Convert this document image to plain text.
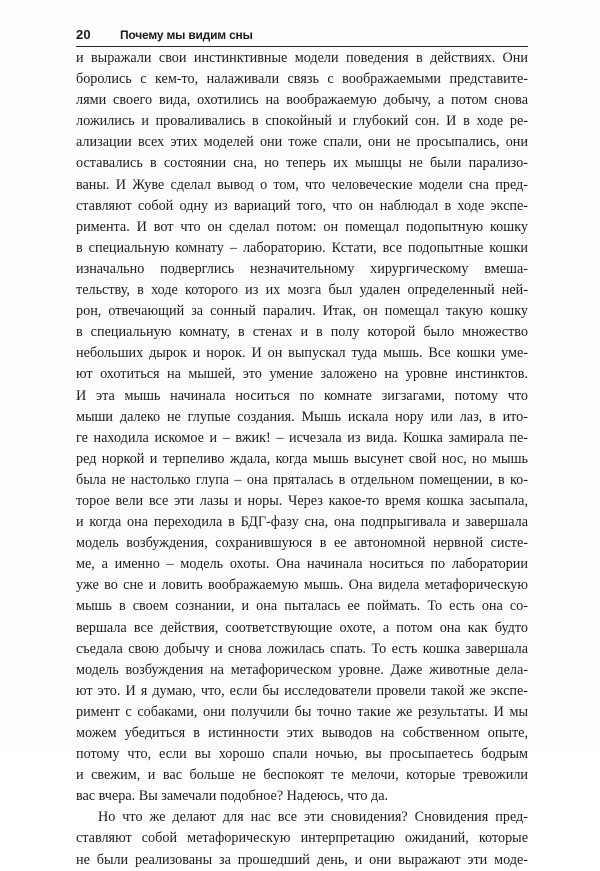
20 Почему мы видим сны
и выражали свои инстинктивные модели поведения в действиях. Они
боролись с кем-то, налаживали связь с воображаемыми представите-
лями своего вида, охотились на воображаемую добычу, а потом снова
ложились и проваливались в спокойный и глубокий сон. И в ходе ре-
ализации всех этих моделей они тоже спали, они не просыпались, они
оставались в состоянии сна, но теперь их мышцы не были парализо-
ваны. И Жуве сделал вывод о том, что человеческие модели сна пред-
ставляют собой одну из вариаций того, что он наблюдал в ходе экспе-
римента. И вот что он сделал потом: он помещал подопытную кошку
в специальную комнату – лабораторию. Кстати, все подопытные кошки
изначально подверглись незначительному хирургическому вмеша-
тельству, в ходе которого из их мозга был удален определенный ней-
рон, отвечающий за сонный паралич. Итак, он помещал такую кошку
в специальную комнату, в стенах и в полу которой было множество
небольших дырок и норок. И он выпускал туда мышь. Все кошки уме-
ют охотиться на мышей, это умение заложено на уровне инстинктов.
И эта мышь начинала носиться по комнате зигзагами, потому что
мыши далеко не глупые создания. Мышь искала нору или лаз, в ито-
ге находила искомое и – вжик! – исчезала из вида. Кошка замирала пе-
ред норкой и терпеливо ждала, когда мышь высунет свой нос, но мышь
была не настолько глупа – она пряталась в отдельном помещении, в ко-
торое вели все эти лазы и норы. Через какое-то время кошка засыпала,
и когда она переходила в БДГ-фазу сна, она подпрыгивала и завершала
модель возбуждения, сохранившуюся в ее автономной нервной систе-
ме, а именно – модель охоты. Она начинала носиться по лаборатории
уже во сне и ловить воображаемую мышь. Она видела метафорическую
мышь в своем сознании, и она пыталась ее поймать. То есть она со-
вершала все действия, соответствующие охоте, а потом она как будто
съедала свою добычу и снова ложилась спать. То есть кошка завершала
модель возбуждения на метафорическом уровне. Даже животные дела-
ют это. И я думаю, что, если бы исследователи провели такой же экспе-
римент с собаками, они получили бы точно такие же результаты. И мы
можем убедиться в истинности этих выводов на собственном опыте,
потому что, если вы хорошо спали ночью, вы просыпаетесь бодрым
и свежим, и вас больше не беспокоят те мелочи, которые тревожили
вас вчера. Вы замечали подобное? Надеюсь, что да.
Но что же делают для нас все эти сновидения? Сновидения пред-
ставляют собой метафорическую интерпретацию ожиданий, которые
не были реализованы за прошедший день, и они выражают эти моде-
